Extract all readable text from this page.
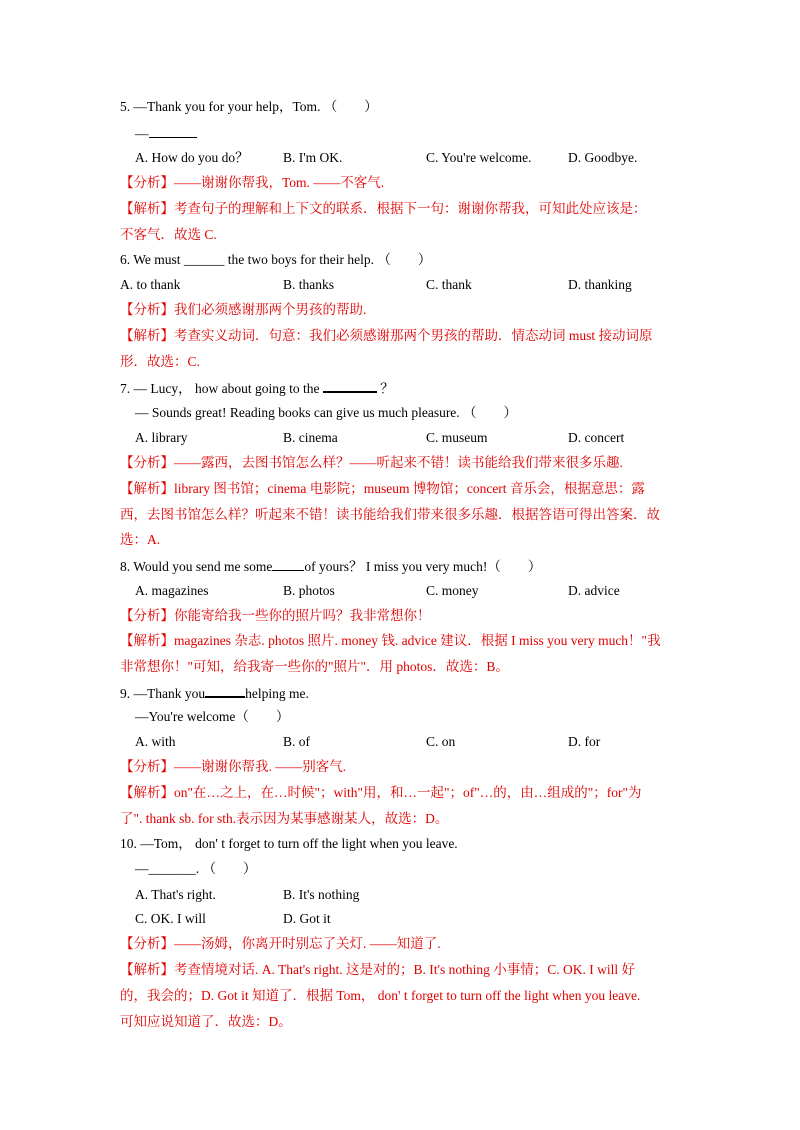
5. —Thank you for your help，Tom. （　　）
—
A. How do you do？	B. I'm OK.	C. You're welcome.	D. Goodbye.
【分析】——谢谢你帮我，Tom. ——不客气.
【解析】考查句子的理解和上下文的联系．根据下一句：谢谢你帮我，可知此处应该是：
不客气．故选 C.
6. We must ______ the two boys for their help. （　　）
A. to thank	B. thanks	C. thank	D. thanking
【分析】我们必须感谢那两个男孩的帮助.
【解析】考查实义动词．句意：我们必须感谢那两个男孩的帮助．情态动词 must 接动词原
形．故选：C.
7. — Lucy， how about going to the	？
— Sounds great! Reading books can give us much pleasure. （　　）
A. library	B. cinema	C. museum	D. concert
【分析】——露西，去图书馆怎么样？——听起来不错！读书能给我们带来很多乐趣.
【解析】library 图书馆；cinema 电影院；museum 博物馆；concert 音乐会，根据意思：露
西，去图书馆怎么样？听起来不错！读书能给我们带来很多乐趣．根据答语可得出答案．故
选：A.
8. Would you send me some of yours？ I miss you very much!（　　）
A. magazines	B. photos	C. money	D. advice
【分析】你能寄给我一些你的照片吗？我非常想你！
【解析】magazines 杂志. photos 照片. money 钱. advice 建议．根据 I miss you very much！"我
非常想你！"可知，给我寄一些你的"照片"．用 photos．故选：B。
9. —Thank you	helping me.
—You're welcome（　　）
A. with	B. of	C. on	D. for
【分析】——谢谢你帮我. ——别客气.
【解析】on"在…之上，在…时候"；with"用，和…一起"；of"…的，由…组成的"；for"为
了". thank sb. for sth.表示因为某事感谢某人，故选：D。
10. —Tom， don' t forget to turn off the light when you leave.
—_______. （　　）
A. That's right.	B. It's nothing
C. OK. I will	D. Got it
【分析】——汤姆，你离开时别忘了关灯. ——知道了.
【解析】考查情境对话. A. That's right. 这是对的；B. It's nothing 小事情；C. OK. I will 好
的，我会的；D. Got it 知道了．根据 Tom， don' t forget to turn off the light when you leave.
可知应说知道了．故选：D。
